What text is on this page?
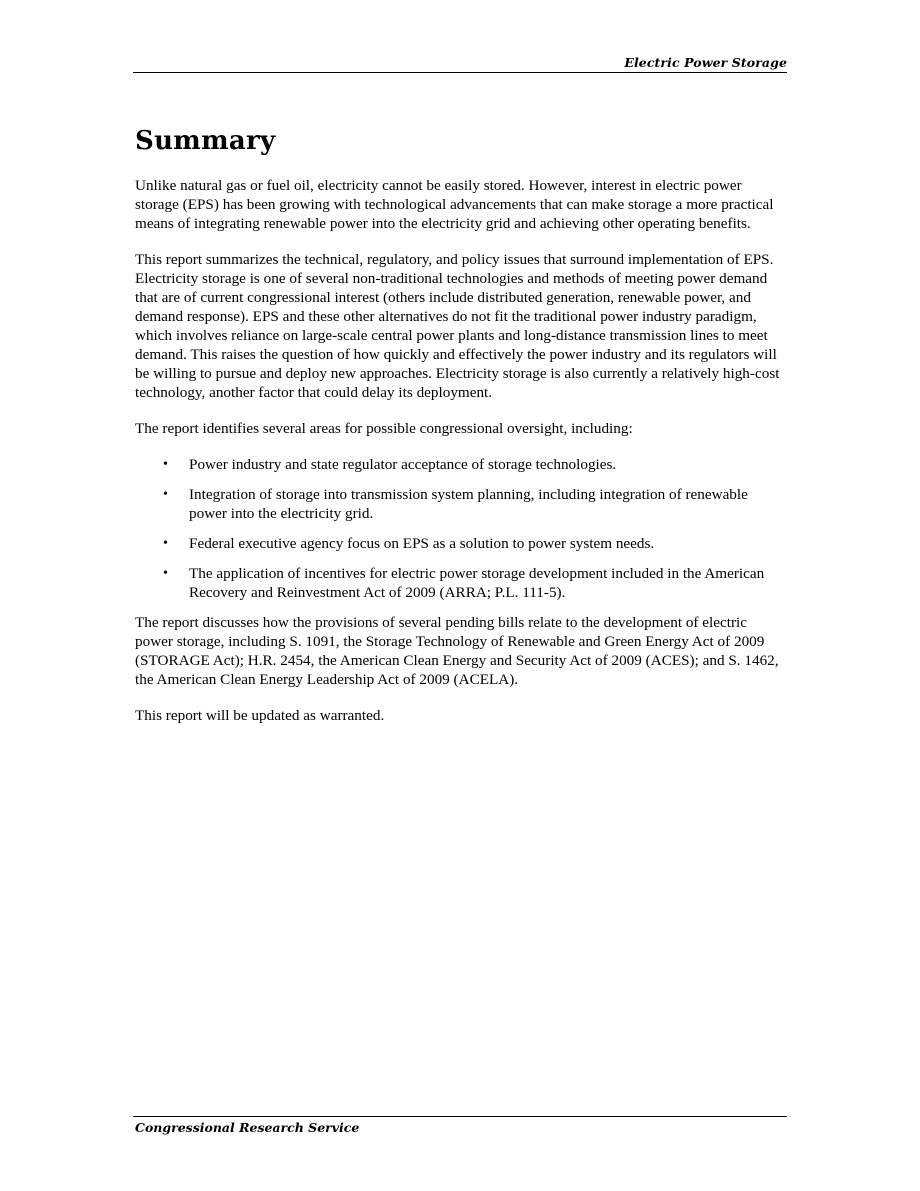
Electric Power Storage
Summary

Unlike natural gas or fuel oil, electricity cannot be easily stored. However, interest in electric power storage (EPS) has been growing with technological advancements that can make storage a more practical means of integrating renewable power into the electricity grid and achieving other operating benefits.

This report summarizes the technical, regulatory, and policy issues that surround implementation of EPS. Electricity storage is one of several non-traditional technologies and methods of meeting power demand that are of current congressional interest (others include distributed generation, renewable power, and demand response). EPS and these other alternatives do not fit the traditional power industry paradigm, which involves reliance on large-scale central power plants and long-distance transmission lines to meet demand. This raises the question of how quickly and effectively the power industry and its regulators will be willing to pursue and deploy new approaches. Electricity storage is also currently a relatively high-cost technology, another factor that could delay its deployment.

The report identifies several areas for possible congressional oversight, including:

• Power industry and state regulator acceptance of storage technologies.
• Integration of storage into transmission system planning, including integration of renewable power into the electricity grid.
• Federal executive agency focus on EPS as a solution to power system needs.
• The application of incentives for electric power storage development included in the American Recovery and Reinvestment Act of 2009 (ARRA; P.L. 111-5).

The report discusses how the provisions of several pending bills relate to the development of electric power storage, including S. 1091, the Storage Technology of Renewable and Green Energy Act of 2009 (STORAGE Act); H.R. 2454, the American Clean Energy and Security Act of 2009 (ACES); and S. 1462, the American Clean Energy Leadership Act of 2009 (ACELA).

This report will be updated as warranted.

Congressional Research Service
